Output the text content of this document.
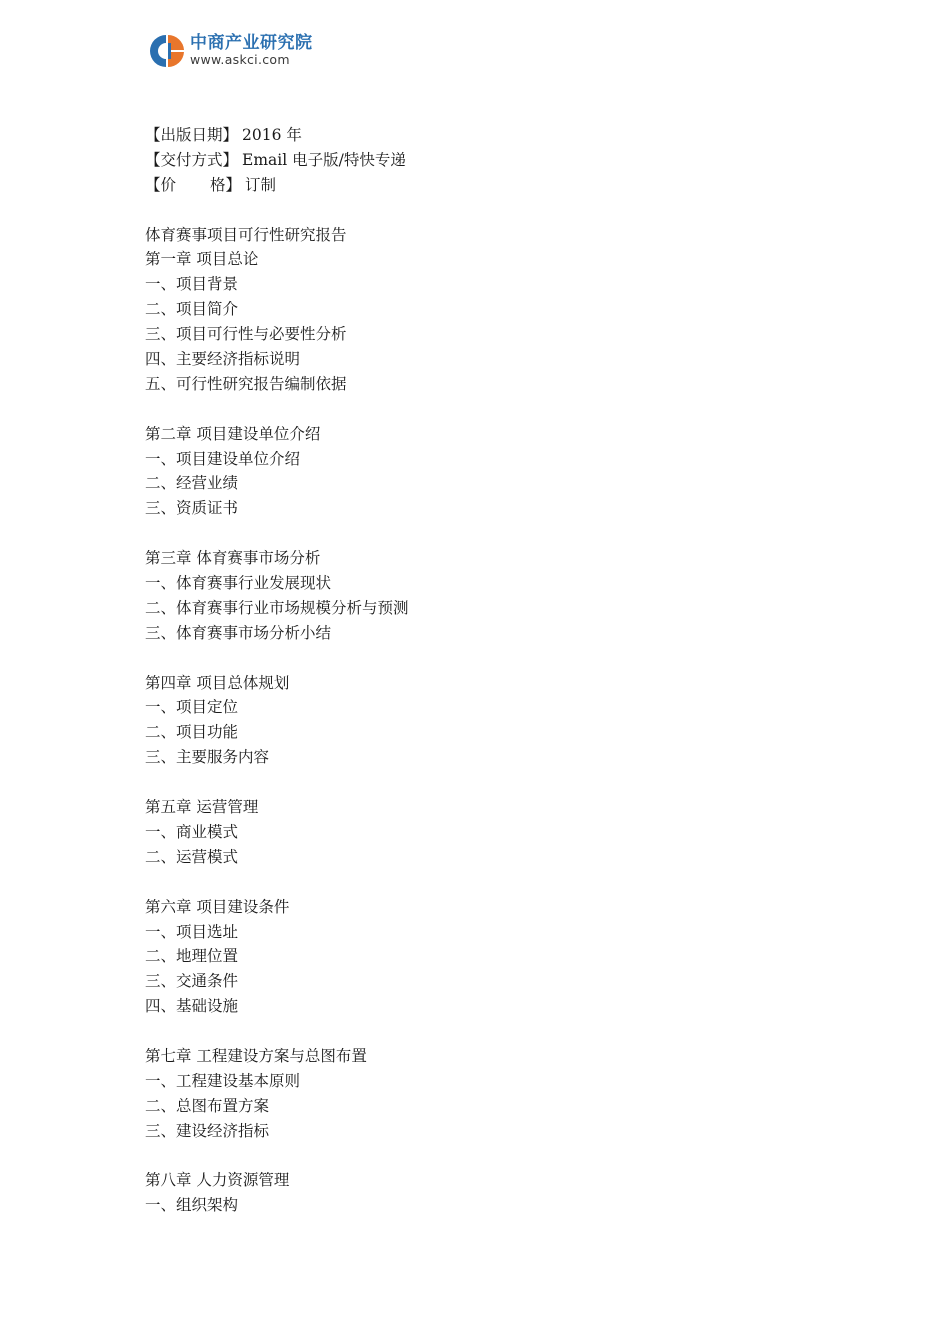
中商产业研究院
www.askci.com
【出版日期】 2016 年
【交付方式】 Email 电子版/特快专递
【价 格】 订制
体育赛事项目可行性研究报告
第一章 项目总论
一、项目背景
二、项目简介
三、项目可行性与必要性分析
四、主要经济指标说明
五、可行性研究报告编制依据
第二章 项目建设单位介绍
一、项目建设单位介绍
二、经营业绩
三、资质证书
第三章 体育赛事市场分析
一、体育赛事行业发展现状
二、体育赛事行业市场规模分析与预测
三、体育赛事市场分析小结
第四章 项目总体规划
一、项目定位
二、项目功能
三、主要服务内容
第五章 运营管理
一、商业模式
二、运营模式
第六章 项目建设条件
一、项目选址
二、地理位置
三、交通条件
四、基础设施
第七章 工程建设方案与总图布置
一、工程建设基本原则
二、总图布置方案
三、建设经济指标
第八章 人力资源管理
一、组织架构
